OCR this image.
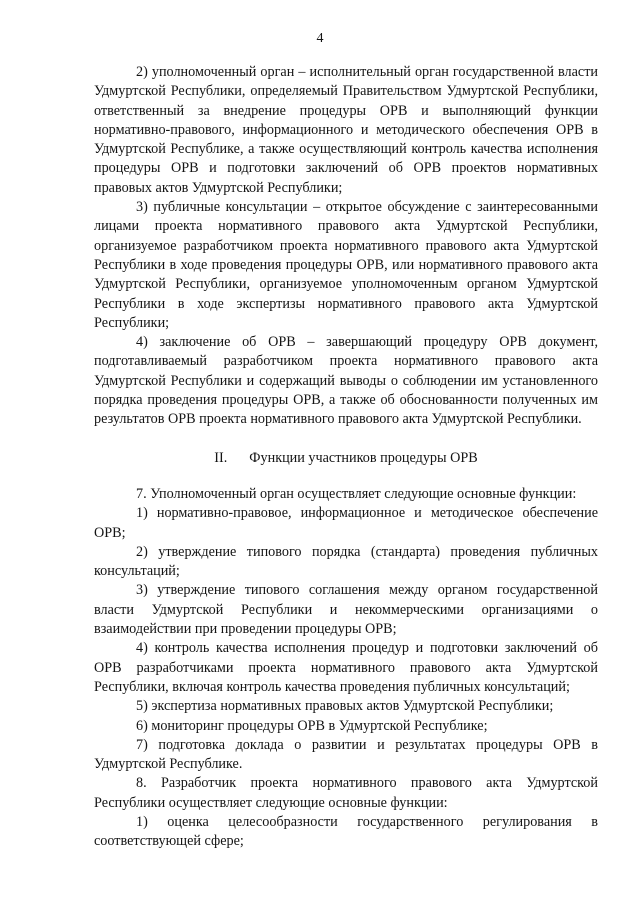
4

2) уполномоченный орган – исполнительный орган государственной власти Удмуртской Республики, определяемый Правительством Удмуртской Республики, ответственный за внедрение процедуры ОРВ и выполняющий функции нормативно-правового, информационного и методического обеспечения ОРВ в Удмуртской Республике, а также осуществляющий контроль качества исполнения процедуры ОРВ и подготовки заключений об ОРВ проектов нормативных правовых актов Удмуртской Республики;

3) публичные консультации – открытое обсуждение с заинтересованными лицами проекта нормативного правового акта Удмуртской Республики, организуемое разработчиком проекта нормативного правового акта Удмуртской Республики в ходе проведения процедуры ОРВ, или нормативного правового акта Удмуртской Республики, организуемое уполномоченным органом Удмуртской Республики в ходе экспертизы нормативного правового акта Удмуртской Республики;

4) заключение об ОРВ – завершающий процедуру ОРВ документ, подготавливаемый разработчиком проекта нормативного правового акта Удмуртской Республики и содержащий выводы о соблюдении им установленного порядка проведения процедуры ОРВ, а также об обоснованности полученных им результатов ОРВ проекта нормативного правового акта Удмуртской Республики.

II. Функции участников процедуры ОРВ

7. Уполномоченный орган осуществляет следующие основные функции:

1) нормативно-правовое, информационное и методическое обеспечение ОРВ;

2) утверждение типового порядка (стандарта) проведения публичных консультаций;

3) утверждение типового соглашения между органом государственной власти Удмуртской Республики и некоммерческими организациями о взаимодействии при проведении процедуры ОРВ;

4) контроль качества исполнения процедур и подготовки заключений об ОРВ разработчиками проекта нормативного правового акта Удмуртской Республики, включая контроль качества проведения публичных консультаций;

5) экспертиза нормативных правовых актов Удмуртской Республики;

6) мониторинг процедуры ОРВ в Удмуртской Республике;

7) подготовка доклада о развитии и результатах процедуры ОРВ в Удмуртской Республике.

8. Разработчик проекта нормативного правового акта Удмуртской Республики осуществляет следующие основные функции:

1) оценка целесообразности государственного регулирования в соответствующей сфере;
